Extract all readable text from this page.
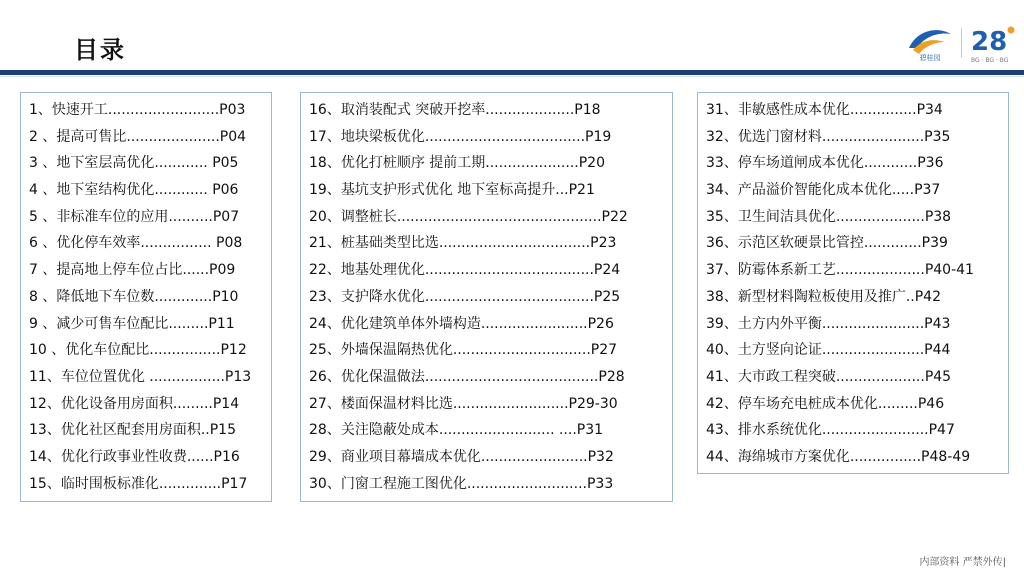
目录	碧桂园
28
BG · BG · BG
1、快速开工.........................P03
2 、提高可售比.....................P04
3 、地下室层高优化............ P05
4 、地下室结构优化............ P06
5 、非标准车位的应用..........P07
6 、优化停车效率................ P08
7 、提高地上停车位占比......P09
8 、降低地下车位数.............P10
9 、减少可售车位配比.........P11
10 、优化车位配比................P12
11、车位位置优化 .................P13
12、优化设备用房面积.........P14
13、优化社区配套用房面积..P15
14、优化行政事业性收费......P16
15、临时围板标准化..............P17
16、取消装配式 突破开挖率....................P18
17、地块梁板优化....................................P19
18、优化打桩顺序 提前工期.....................P20
19、基坑支护形式优化 地下室标高提升...P21
20、调整桩长..............................................P22
21、桩基础类型比选..................................P23
22、地基处理优化......................................P24
23、支护降水优化......................................P25
24、优化建筑单体外墙构造........................P26
25、外墙保温隔热优化...............................P27
26、优化保温做法.......................................P28
27、楼面保温材料比选..........................P29-30
28、关注隐蔽处成本.......................... ....P31
29、商业项目幕墙成本优化........................P32
30、门窗工程施工图优化...........................P33
31、非敏感性成本优化...............P34
32、优选门窗材料.......................P35
33、停车场道闸成本优化............P36
34、产品溢价智能化成本优化.....P37
35、卫生间洁具优化....................P38
36、示范区软硬景比管控.............P39
37、防霉体系新工艺....................P40-41
38、新型材料陶粒板使用及推广..P42
39、土方内外平衡.......................P43
40、土方竖向论证.......................P44
41、大市政工程突破....................P45
42、停车场充电桩成本优化.........P46
43、排水系统优化........................P47
44、海绵城市方案优化................P48-49
内部资料 严禁外传|
